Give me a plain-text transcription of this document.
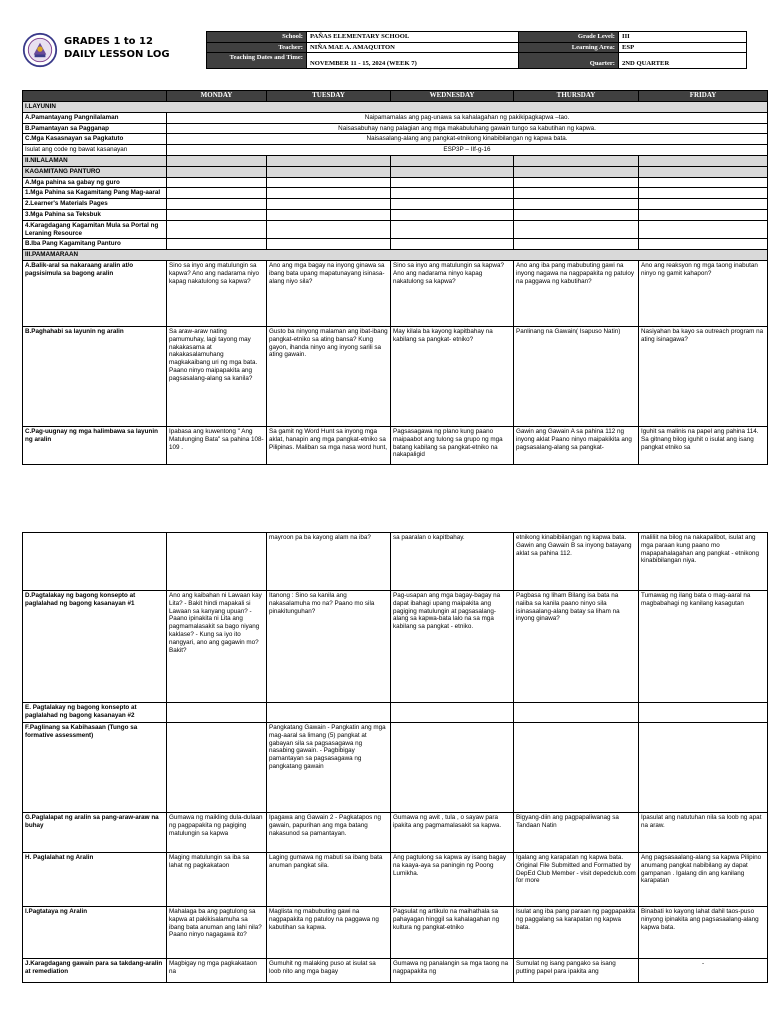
GRADES 1 to 12
DAILY LESSON LOG
School:	PAÑAS ELEMENTARY SCHOOL	Grade Level:	III
Teacher:	NIÑA MAE A. AMAQUITON	Learning Area:	ESP
Teaching Dates and Time:	NOVEMBER 11 - 15, 2024 (WEEK 7)	Quarter:	2ND QUARTER
	MONDAY	TUESDAY	WEDNESDAY	THURSDAY	FRIDAY
I.LAYUNIN					
A.Pamantayang Pangnilalaman	Naipamamalas ang pag-unawa sa kahalagahan ng pakikipagkapwa –tao.				
B.Pamantayan sa Pagganap	Naisasabuhay nang palagian ang mga makabuluhang gawain tungo sa kabutihan ng kapwa.				
C.Mga Kasasnayan sa Pagkatuto	Naisasalang-alang ang pangkat-etnikong kinabibilangan ng kapwa bata.				
Isulat ang code ng bawat kasanayan	ESP3P – IIf-g-16				
II.NILALAMAN					
KAGAMITANG PANTURO					
A.Mga pahina sa gabay ng guro					
1.Mga Pahina sa Kagamitang Pang Mag-aaral					
2.Learner's Materials Pages					
3.Mga Pahina sa Teksbuk					
4.Karagdagang Kagamitan Mula sa Portal ng Leraning Resource					
B.Iba Pang Kagamitang Panturo					
III.PAMAMARAAN					
A.Balik-aral sa nakaraang aralin at/o pagsisimula sa bagong aralin	Sino sa inyo ang matulungin sa kapwa? Ano ang nadarama niyo kapag nakatulong sa kapwa?	Ano ang mga bagay na inyong ginawa sa ibang bata upang mapatunayang isinasa-alang niyo sila?	Sino sa inyo ang matulungin sa kapwa? Ano ang nadarama ninyo kapag nakatulong sa kapwa?	Ano ang iba pang mabubuting gawi na inyong nagawa na nagpapakita ng patuloy na paggawa ng kabutihan?	Ano ang reaksyon ng mga taong inabutan ninyo ng gamit kahapon?
B.Paghahabi sa layunin ng aralin	Sa araw-araw nating pamumuhay, lagi tayong may nakakasama at nakakasalamuhang magkakaibang uri ng mga bata. Paano ninyo maipapakita ang pagsasalang-alang sa kanila?	Gusto ba ninyong malaman ang ibat-ibang pangkat-etniko sa ating bansa? Kung gayon, ihanda ninyo ang inyong sarili sa ating gawain.	May kilala ba kayong kapitbahay na kabilang sa pangkat- etniko?	Panlinang na Gawain( Isapuso Natin)	Nasiyahan ba kayo sa outreach program na ating isinagawa?
C.Pag-uugnay ng mga halimbawa sa layunin ng aralin	Ipabasa ang kuwentong " Ang Matulunging Bata" sa pahina 108-109 .	Sa gamit ng Word Hunt sa inyong mga aklat, hanapin ang mga pangkat-etniko sa Pilipinas. Maliban sa mga nasa word hunt,	Pagsasagawa ng plano kung paano maipaabot ang tulong sa grupo ng mga batang kabilang sa pangkat-etniko na nakapaligid	Gawin ang Gawain A sa pahina 112 ng inyong aklat Paano ninyo maipakikita ang pagsasalang-alang sa pangkat-	Iguhit sa malinis na papel ang pahina 114. Sa gitnang bilog iguhit o isulat ang isang pangkat etniko sa
		mayroon pa ba kayong alam na iba?	sa paaralan o kapitbahay.	etnikong kinabibilangan ng kapwa bata. Gawin ang Gawain B sa inyong batayang aklat sa pahina 112.	maliliit na bilog na nakapalibot, isulat ang mga paraan kung paano mo mapapahalagahan ang pangkat - etnikong kinabibilangan niya.
D.Pagtalakay ng bagong konsepto at paglalahad ng bagong kasanayan #1	Ano ang kaibahan ni Lawaan kay Lita? - Bakit hindi mapakali si Lawaan sa kanyang upuan? - Paano ipinakita ni Lita ang pagmamalasakit sa bago niyang kaklase? - Kung sa iyo ito nangyari, ano ang gagawin mo? Bakit?	Itanong : Sino sa kanila ang nakasalamuha mo na? Paano mo sila pinakitunguhan?	Pag-usapan ang mga bagay-bagay na dapat ibahagi upang maipakita ang pagiging matulungin at pagsasalang-alang sa kapwa-bata lalo na sa mga kabilang sa pangkat - etniko.	Pagbasa ng liham Bilang isa bata na naiiba sa kanila paano ninyo sila isinasaalang-alang batay sa liham na inyong ginawa?	Tumawag ng ilang bata o mag-aaral na magbabahagi ng kanilang kasagutan
E. Pagtalakay ng bagong konsepto at paglalahad ng bagong kasanayan #2					
F.Paglinang sa Kabihasaan (Tungo sa formative assessment)		Pangkatang Gawain - Pangkatin ang mga mag-aaral sa limang (5) pangkat at gabayan sila sa pagsasagawa ng nasabing gawain. - Pagbibigay pamantayan sa pagsasagawa ng pangkatang gawain			
G.Paglalapat ng aralin sa pang-araw-araw na buhay	Gumawa ng maikling dula-dulaan ng pagpapakita ng pagiging matulungin sa kapwa	Ipagawa ang Gawain 2 - Pagkatapos ng gawain, papurihan ang mga batang nakasunod sa pamantayan.	Gumawa ng awit , tula , o sayaw para ipakita ang pagmamalasakit sa kapwa.	Bigyang-diin ang pagpapaliwanag sa Tandaan Natin	Ipasulat ang natutuhan nila sa loob ng apat na araw.
H. Paglalahat ng Aralin	Maging matulungin sa iba sa lahat ng pagkakataon	Laging gumawa ng mabuti sa ibang bata anuman pangkat sila.	Ang pagtulong sa kapwa ay isang bagay na kaaya-aya sa paningin ng Poong Lumikha.	Igalang ang karapatan ng kapwa bata. Original File Submitted and Formatted by DepEd Club Member - visit depedclub.com for more	Ang pagsasaalang-alang sa kapwa Pilipino anumang pangkat nabibilang ay dapat gampanan . Igalang din ang kanilang karapatan
I.Pagtataya ng Aralin	Mahalaga ba ang pagtulong sa kapwa at pakikisalamuha sa ibang bata anuman ang lahi nila? Paano ninyo nagagawa ito?	Maglista ng mabubuting gawi na nagpapakita ng patuloy na paggawa ng kabutihan sa kapwa.	Pagsulat ng artikulo na maihathala sa pahayagan hinggil sa kahalagahan ng kultura ng pangkat-etniko	Isulat ang iba pang paraan ng pagpapakita ng paggalang sa karapatan ng kapwa bata.	Binabati ko kayong lahat dahil taos-puso ninyong ipinakita ang pagsasaalang-alang kapwa bata.
J.Karagdagang gawain para sa takdang-aralin at remediation	Magbigay ng mga pagkakataon na	Gumuhit ng malaking puso at isulat sa loob nito ang mga bagay	Gumawa ng panalangin sa mga taong na nagpapakita ng	Sumulat ng isang pangako sa isang putting papel para ipakita ang	-
